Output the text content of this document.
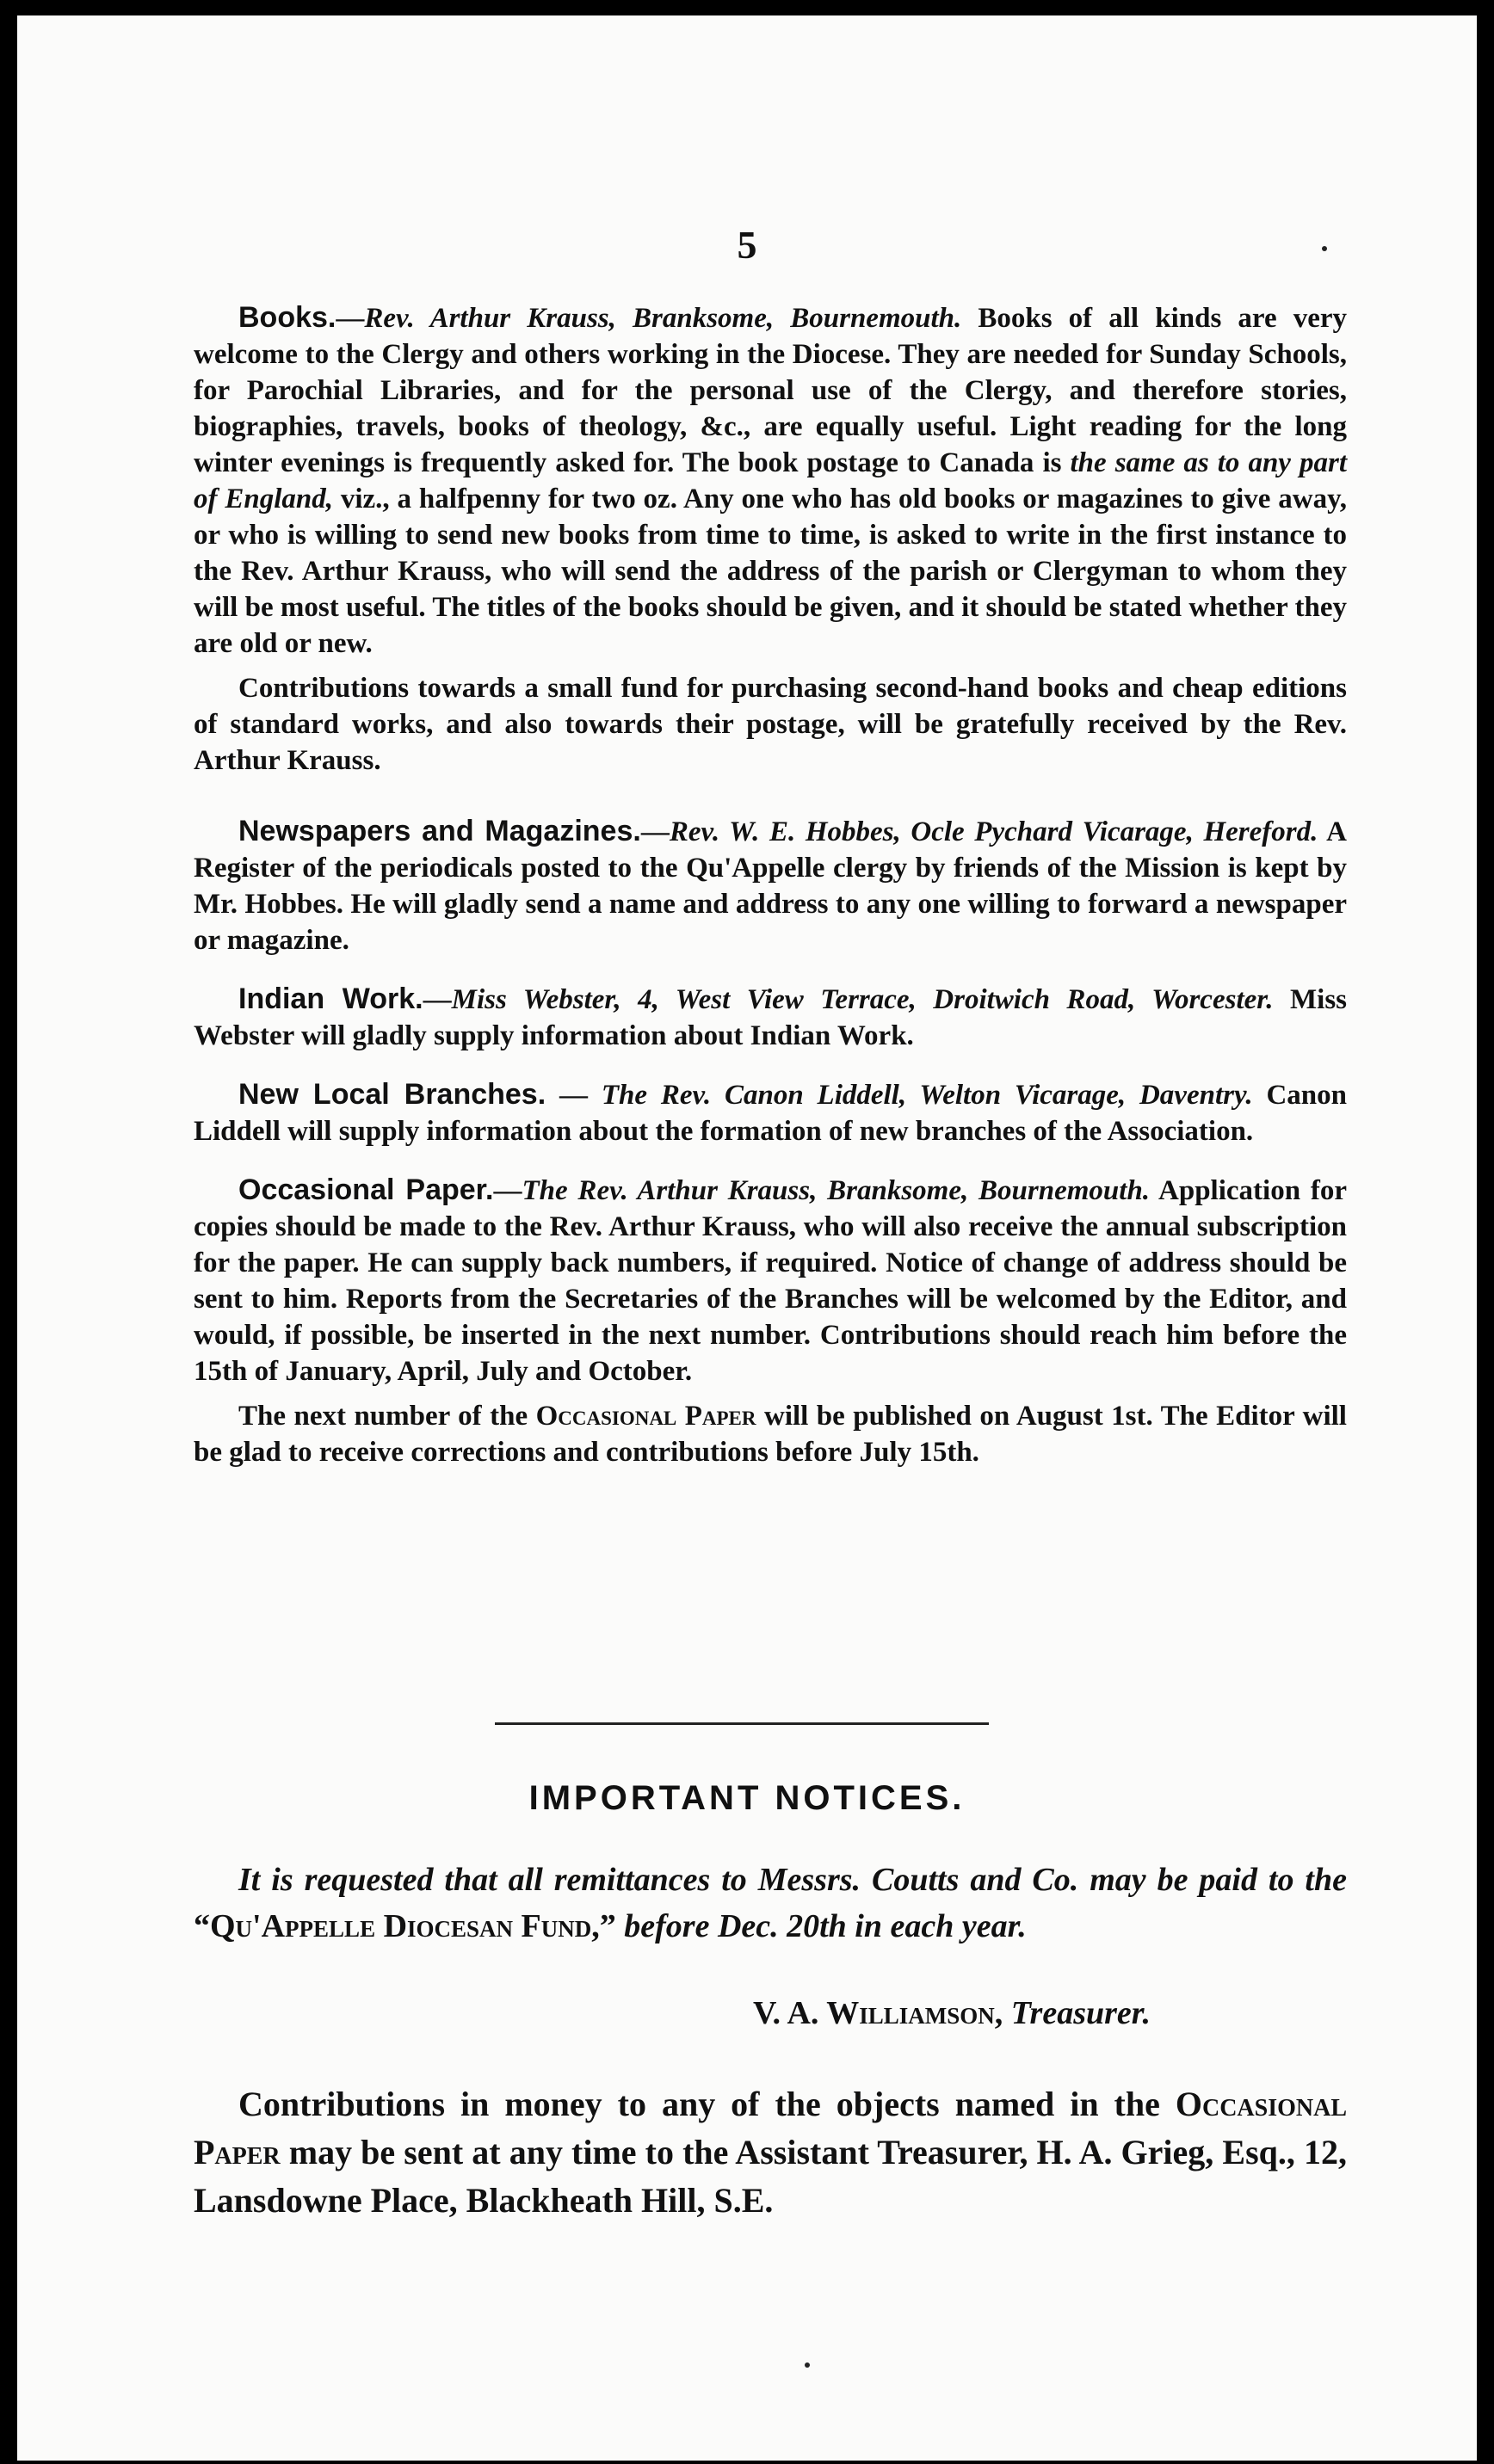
5

Books.—Rev. Arthur Krauss, Branksome, Bournemouth. Books of all kinds are very welcome to the Clergy and others working in the Diocese. They are needed for Sunday Schools, for Parochial Libraries, and for the personal use of the Clergy, and therefore stories, biographies, travels, books of theology, &c., are equally useful. Light reading for the long winter evenings is frequently asked for. The book postage to Canada is the same as to any part of England, viz., a halfpenny for two oz. Any one who has old books or magazines to give away, or who is willing to send new books from time to time, is asked to write in the first instance to the Rev. Arthur Krauss, who will send the address of the parish or Clergyman to whom they will be most useful. The titles of the books should be given, and it should be stated whether they are old or new.

Contributions towards a small fund for purchasing second-hand books and cheap editions of standard works, and also towards their postage, will be gratefully received by the Rev. Arthur Krauss.

Newspapers and Magazines.—Rev. W. E. Hobbes, Ocle Pychard Vicarage, Hereford. A Register of the periodicals posted to the Qu'Appelle clergy by friends of the Mission is kept by Mr. Hobbes. He will gladly send a name and address to any one willing to forward a newspaper or magazine.

Indian Work.—Miss Webster, 4, West View Terrace, Droitwich Road, Worcester. Miss Webster will gladly supply information about Indian Work.

New Local Branches. — The Rev. Canon Liddell, Welton Vicarage, Daventry. Canon Liddell will supply information about the formation of new branches of the Association.

Occasional Paper.—The Rev. Arthur Krauss, Branksome, Bournemouth. Application for copies should be made to the Rev. Arthur Krauss, who will also receive the annual subscription for the paper. He can supply back numbers, if required. Notice of change of address should be sent to him. Reports from the Secretaries of the Branches will be welcomed by the Editor, and would, if possible, be inserted in the next number. Contributions should reach him before the 15th of January, April, July and October.

The next number of the Occasional Paper will be published on August 1st. The Editor will be glad to receive corrections and contributions before July 15th.

IMPORTANT NOTICES.

It is requested that all remittances to Messrs. Coutts and Co. may be paid to the “Qu'Appelle Diocesan Fund,” before Dec. 20th in each year.

V. A. Williamson, Treasurer.

Contributions in money to any of the objects named in the Occasional Paper may be sent at any time to the Assistant Treasurer, H. A. Grieg, Esq., 12, Lansdowne Place, Blackheath Hill, S.E.
